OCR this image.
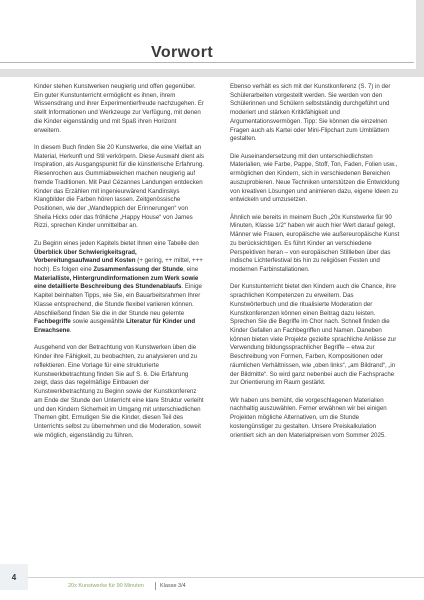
Vorwort

Kinder stehen Kunstwerken neugierig und offen gegenüber. Ein guter Kunstunterricht ermöglicht es ihnen, ihrem Wissensdrang und ihrer Experimentierfreude nachzugehen. Er stellt Informationen und Werkzeuge zur Verfügung, mit denen die Kinder eigenständig und mit Spaß ihren Horizont erweitern.

In diesem Buch finden Sie 20 Kunstwerke, die eine Vielfalt an Material, Herkunft und Stil verkörpern. Diese Auswahl dient als Inspiration, als Ausgangspunkt für die künstlerische Erfahrung. Riesenrochen aus Gummiabweichen machen neugierig auf fremde Traditionen. Mit Paul Cézannes Landungen entdecken Kinder das Erzählen mit ingenieurwärend Kandinskys Klangbilder die Farben hören lassen. Zeitgenössische Positionen, wie der „Wandteppich der Erinnerungen“ von Sheila Hicks oder das fröhliche „Happy House“ von James Rizzi, sprechen Kinder unmittelbar an.

Zu Beginn eines jeden Kapitels bietet Ihnen eine Tabelle den Überblick über Schwierigkeitsgrad, Vorbereitungsaufwand und Kosten (+ gering, ++ mittel, +++ hoch). Es folgen eine Zusammenfassung der Stunde, eine Materialliste, Hintergrundinformationen zum Werk sowie eine detaillierte Beschreibung des Stundenablaufs. Einige Kapitel beinhalten Tipps, wie Sie, ein Bauarbeitsrahmen Ihrer Klasse entsprechend, die Stunde flexibel variieren können. Abschließend finden Sie die in der Stunde neu gelernte Fachbegriffe sowie ausgewählte Literatur für Kinder und Erwachsene.

Ausgehend von der Betrachtung von Kunstwerken üben die Kinder ihre Fähigkeit, zu beobachten, zu analysieren und zu reflektieren. Eine Vorlage für eine strukturierte Kunstwerkbetrachtung finden Sie auf S. 6. Die Erfahrung zeigt, dass das regelmäßige Einbauen der Kunstwerkbetrachtung zu Beginn sowie der Kunstkonferenz am Ende der Stunde den Unterricht eine klare Struktur verleiht und den Kindern Sicherheit im Umgang mit unterschiedlichen Themen gibt. Ermutigen Sie die Kinder, diesen Teil des Unterrichts selbst zu übernehmen und die Moderation, soweit wie möglich, eigenständig zu führen.

Ebenso verhält es sich mit der Kunstkonferenz (S. 7) in der Schülerarbeiten vorgestellt werden. Sie werden von den Schülerinnen und Schülern selbstständig durchgeführt und moderiert und stärken Kritikfähigkeit und Argumentationsvermögen. Tipp: Sie können die einzelnen Fragen auch als Kartei oder Mini-Flipchart zum Umblättern gestalten.

Die Auseinandersetzung mit den unterschiedlichsten Materialien, wie Farbe, Pappe, Stoff, Ton, Faden, Folien usw., ermöglichen den Kindern, sich in verschiedenen Bereichen auszuprobieren. Neue Techniken unterstützen die Entwicklung von kreativen Lösungen und animieren dazu, eigene Ideen zu entwickeln und umzusetzen.

Ähnlich wie bereits in meinem Buch „20x Kunstwerke für 90 Minuten, Klasse 1/2“ haben wir auch hier Wert darauf gelegt, Männer wie Frauen, europäische wie außereuropäische Kunst zu berücksichtigen. Es führt Kinder an verschiedene Perspektiven heran – von europäischen Stillleben über das indische Lichterfestival bis hin zu religiösen Festen und modernen Farbinstallationen.

Der Kunstunterricht bietet den Kindern auch die Chance, ihre sprachlichen Kompetenzen zu erweitern. Das Kunstwörterbuch und die ritualisierte Moderation der Kunstkonferenzen können einen Beitrag dazu leisten. Sprechen Sie die Begriffe im Chor nach. Schnell finden die Kinder Gefallen an Fachbegriffen und Namen. Daneben können bieten viele Projekte gezielte sprachliche Anlässe zur Verwendung bildungssprachlicher Begriffe – etwa zur Beschreibung von Formen, Farben, Kompositionen oder räumlichen Verhältnissen, wie „oben links“, „am Bildrand“, „in der Bildmitte“. So wird ganz nebenbei auch die Fachsprache zur Orientierung im Raum gestärkt.

Wir haben uns bemüht, die vorgeschlagenen Materialien nachhaltig auszuwählen. Ferner erwähnen wir bei einigen Projekten mögliche Alternativen, um die Stunde kostengünstiger zu gestalten. Unsere Preiskalkulation orientiert sich an den Materialpreisen vom Sommer 2025.

4
20x Kunstwerke für 90 Minuten	Klasse 3/4
